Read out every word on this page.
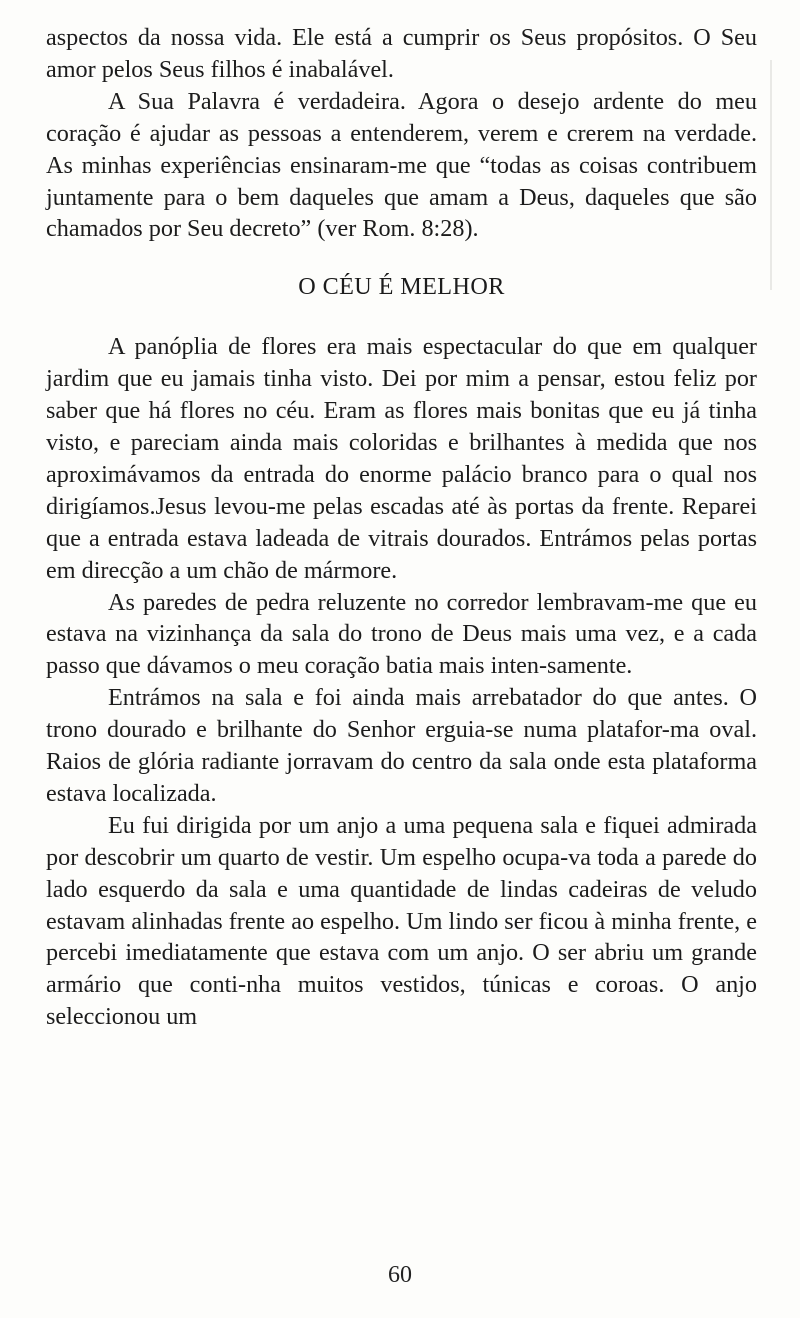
aspectos da nossa vida. Ele está a cumprir os Seus propósitos. O Seu amor pelos Seus filhos é inabalável.

A Sua Palavra é verdadeira. Agora o desejo ardente do meu coração é ajudar as pessoas a entenderem, verem e crerem na verdade. As minhas experiências ensinaram-me que “todas as coisas contribuem juntamente para o bem daqueles que amam a Deus, daqueles que são chamados por Seu decreto” (ver Rom. 8:28).

O CÉU É MELHOR

A panóplia de flores era mais espectacular do que em qualquer jardim que eu jamais tinha visto. Dei por mim a pensar, estou feliz por saber que há flores no céu. Eram as flores mais bonitas que eu já tinha visto, e pareciam ainda mais coloridas e brilhantes à medida que nos aproximávamos da entrada do enorme palácio branco para o qual nos dirigíamos.Jesus levou-me pelas escadas até às portas da frente. Reparei que a entrada estava ladeada de vitrais dourados. Entrámos pelas portas em direcção a um chão de mármore.

As paredes de pedra reluzente no corredor lembravam-me que eu estava na vizinhança da sala do trono de Deus mais uma vez, e a cada passo que dávamos o meu coração batia mais inten-samente.

Entrámos na sala e foi ainda mais arrebatador do que antes. O trono dourado e brilhante do Senhor erguia-se numa platafor-ma oval. Raios de glória radiante jorravam do centro da sala onde esta plataforma estava localizada.

Eu fui dirigida por um anjo a uma pequena sala e fiquei admirada por descobrir um quarto de vestir. Um espelho ocupa-va toda a parede do lado esquerdo da sala e uma quantidade de lindas cadeiras de veludo estavam alinhadas frente ao espelho. Um lindo ser ficou à minha frente, e percebi imediatamente que estava com um anjo. O ser abriu um grande armário que conti-nha muitos vestidos, túnicas e coroas. O anjo seleccionou um

60
